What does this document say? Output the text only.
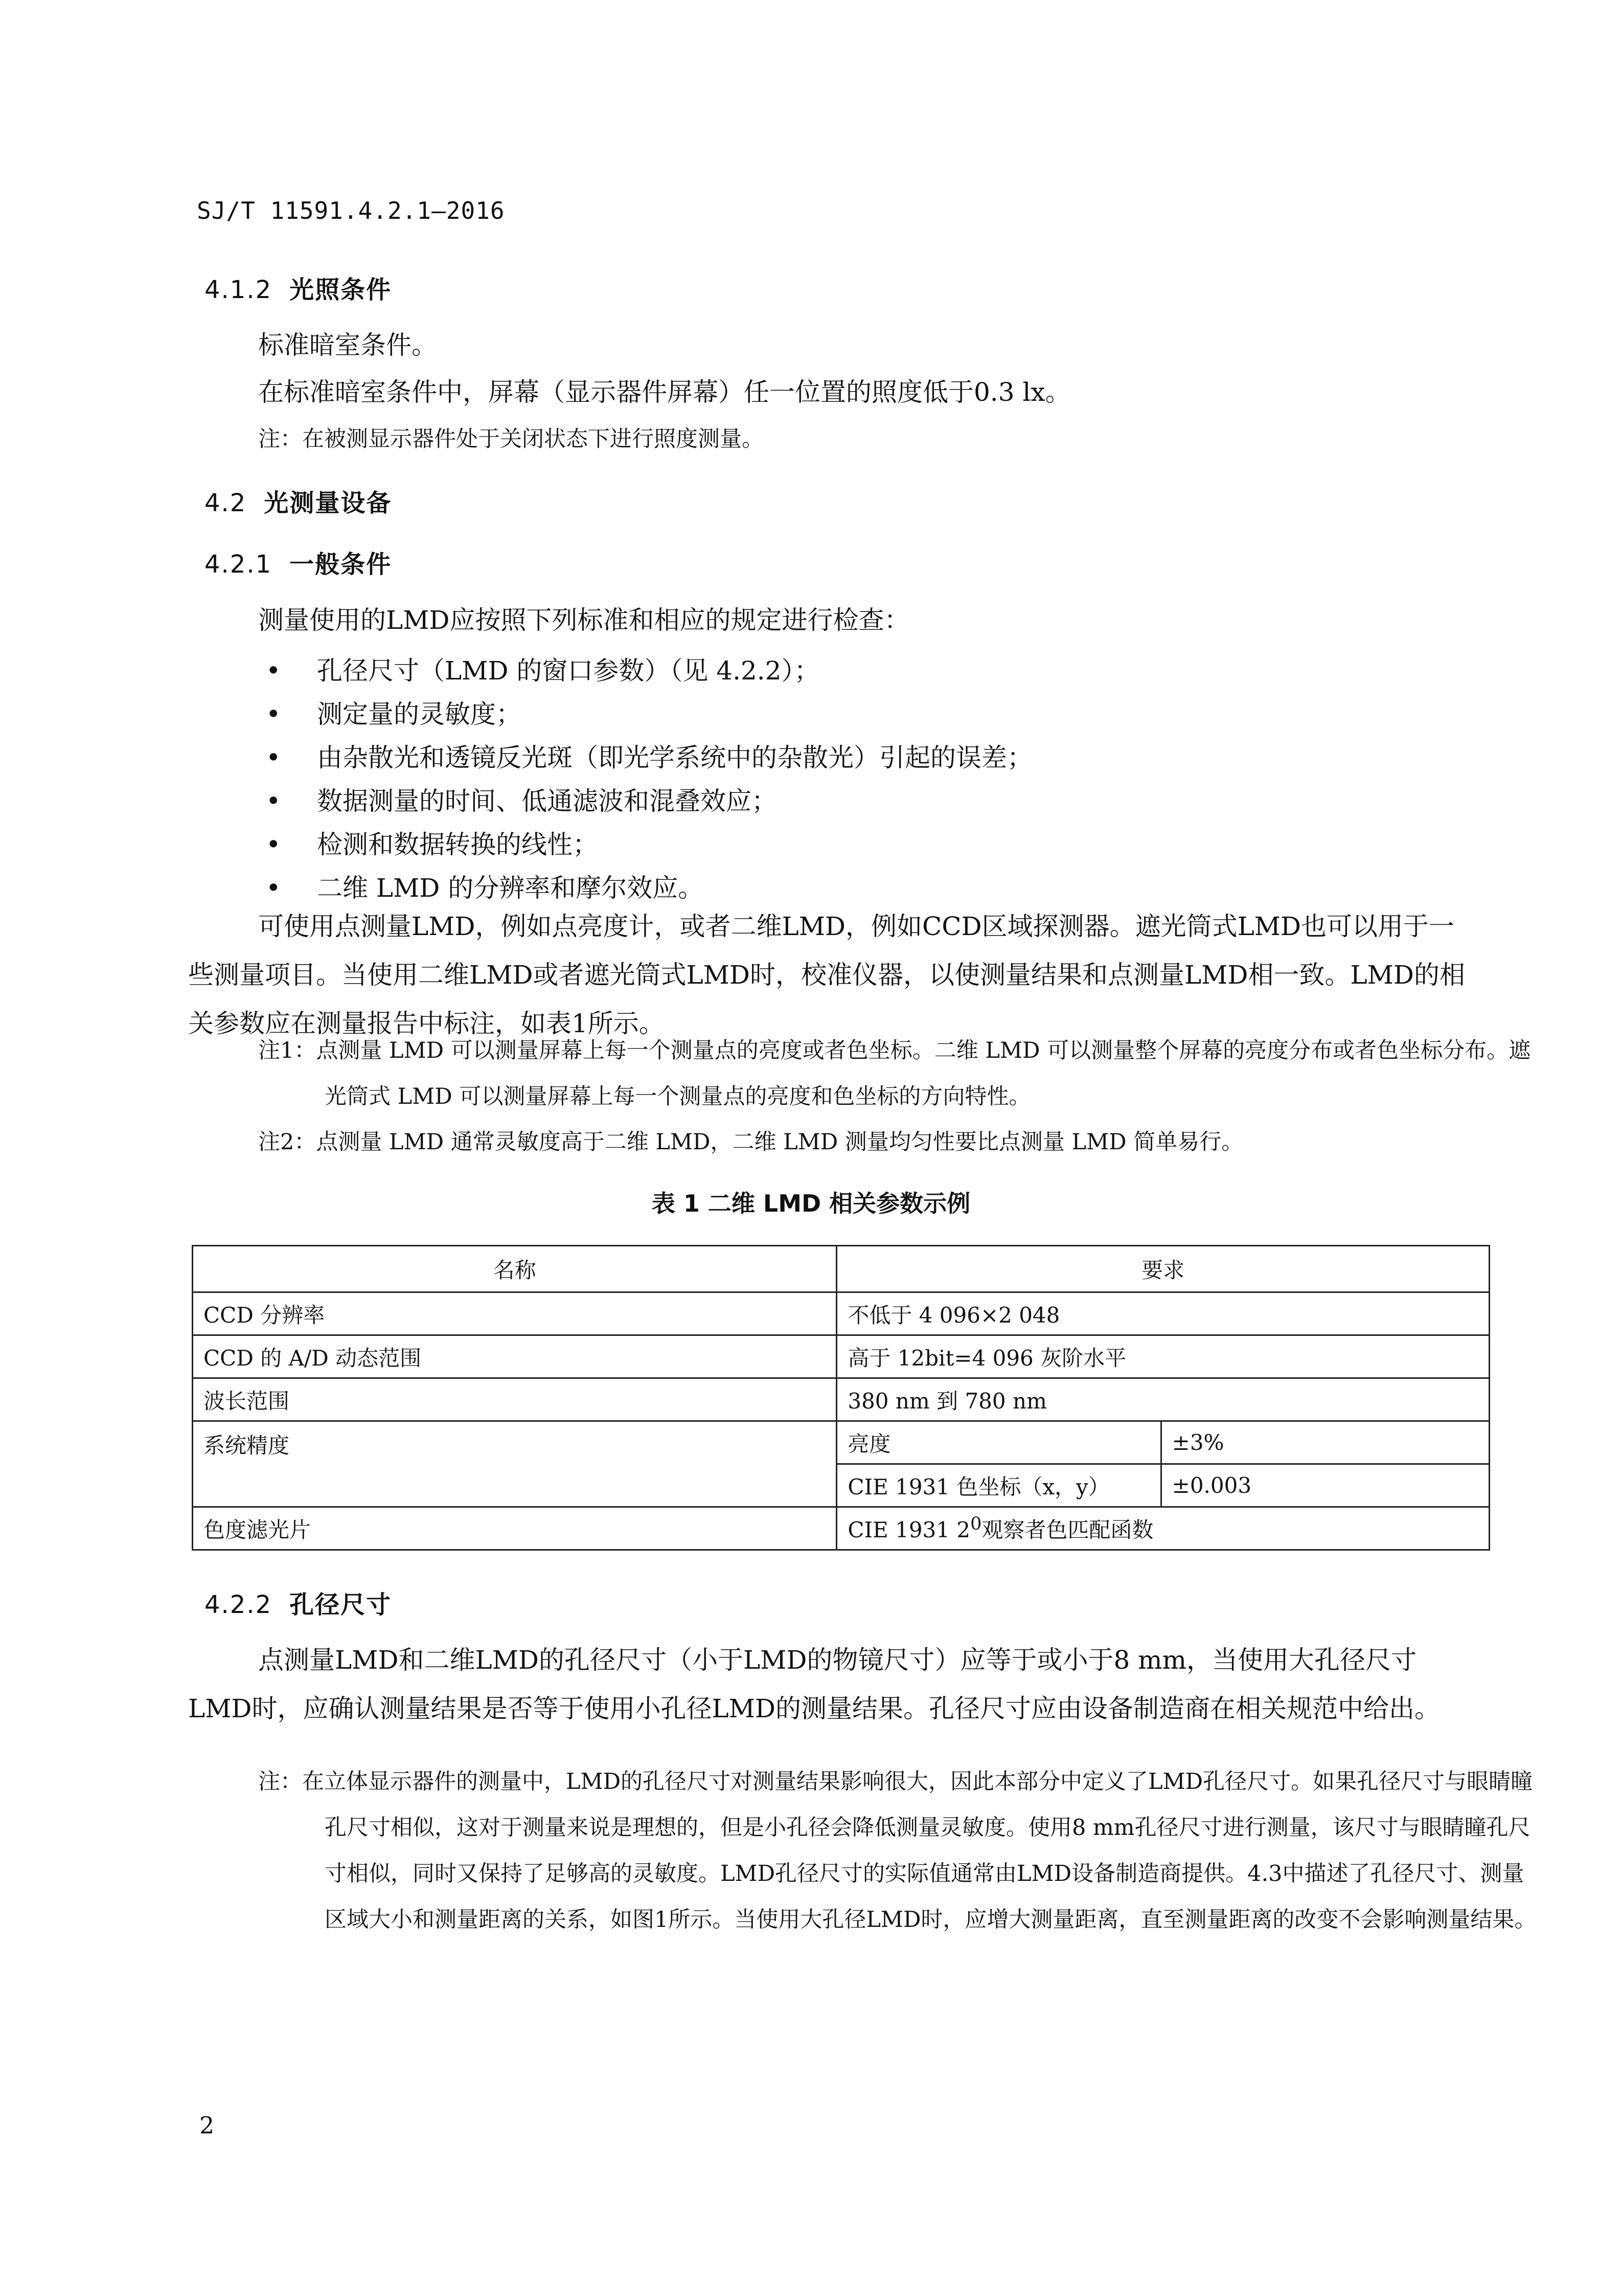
SJ/T 11591.4.2.1—2016
4.1.2 光照条件
标准暗室条件。
在标准暗室条件中，屏幕（显示器件屏幕）任一位置的照度低于0.3 lx。
注：在被测显示器件处于关闭状态下进行照度测量。
4.2 光测量设备
4.2.1 一般条件
测量使用的LMD应按照下列标准和相应的规定进行检查：
• 孔径尺寸（LMD 的窗口参数）（见 4.2.2）；
• 测定量的灵敏度；
• 由杂散光和透镜反光斑（即光学系统中的杂散光）引起的误差；
• 数据测量的时间、低通滤波和混叠效应；
• 检测和数据转换的线性；
• 二维 LMD 的分辨率和摩尔效应。
可使用点测量LMD，例如点亮度计，或者二维LMD，例如CCD区域探测器。遮光筒式LMD也可以用于一些测量项目。当使用二维LMD或者遮光筒式LMD时，校准仪器，以使测量结果和点测量LMD相一致。LMD的相关参数应在测量报告中标注，如表1所示。
注1：点测量 LMD 可以测量屏幕上每一个测量点的亮度或者色坐标。二维 LMD 可以测量整个屏幕的亮度分布或者色坐标分布。遮光筒式 LMD 可以测量屏幕上每一个测量点的亮度和色坐标的方向特性。
注2：点测量 LMD 通常灵敏度高于二维 LMD，二维 LMD 测量均匀性要比点测量 LMD 简单易行。
表 1 二维 LMD 相关参数示例
名称	要求	
CCD 分辨率	不低于 4 096×2 048	
CCD 的 A/D 动态范围	高于 12bit=4 096 灰阶水平	
波长范围	380 nm 到 780 nm	
系统精度	亮度	±3%
	CIE 1931 色坐标（x，y）	±0.003
色度滤光片	CIE 1931 $2^0$观察者色匹配函数	
4.2.2 孔径尺寸
点测量LMD和二维LMD的孔径尺寸（小于LMD的物镜尺寸）应等于或小于8 mm，当使用大孔径尺寸LMD时，应确认测量结果是否等于使用小孔径LMD的测量结果。孔径尺寸应由设备制造商在相关规范中给出。
注：在立体显示器件的测量中，LMD的孔径尺寸对测量结果影响很大，因此本部分中定义了LMD孔径尺寸。如果孔径尺寸与眼睛瞳孔尺寸相似，这对于测量来说是理想的，但是小孔径会降低测量灵敏度。使用8 mm孔径尺寸进行测量，该尺寸与眼睛瞳孔尺寸相似，同时又保持了足够高的灵敏度。LMD孔径尺寸的实际值通常由LMD设备制造商提供。4.3中描述了孔径尺寸、测量区域大小和测量距离的关系，如图1所示。当使用大孔径LMD时，应增大测量距离，直至测量距离的改变不会影响测量结果。
2
